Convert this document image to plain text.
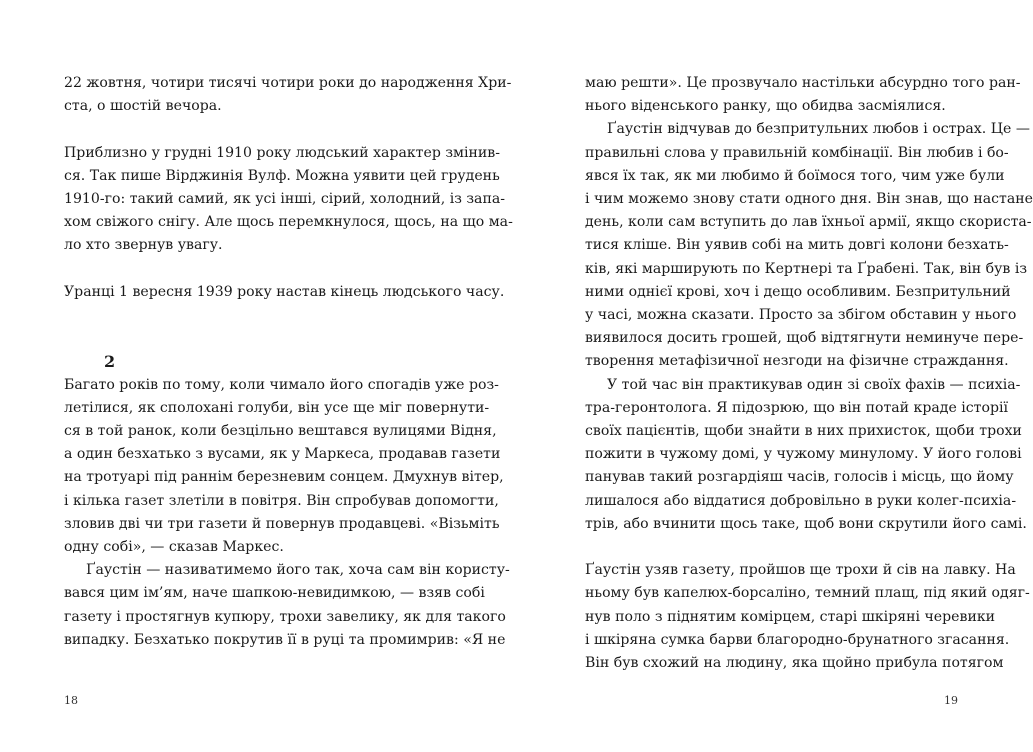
22 жовтня, чотири тисячі чотири роки до народження Хри-

ста, о шостій вечора.

Приблизно у грудні 1910 року людський характер змінив-

ся. Так пише Вірджинія Вулф. Можна уявити цей грудень

1910-го: такий самий, як усі інші, сірий, холодний, із запа-

хом свіжого снігу. Але щось перемкнулося, щось, на що ма-

ло хто звернув увагу.

Уранці 1 вересня 1939 року настав кінець людського часу.

2

Багато років по тому, коли чимало його спогадів уже роз-

летілися, як сполохані голуби, він усе ще міг повернути-

ся в той ранок, коли безцільно вештався вулицями Відня,

а один безхатько з вусами, як у Маркеса, продавав газети

на тротуарі під раннім березневим сонцем. Дмухнув вітер,

і кілька газет злетіли в повітря. Він спробував допомогти,

зловив дві чи три газети й повернув продавцеві. «Візьміть

одну собі», — сказав Маркес.

Ґаустін — називатимемо його так, хоча сам він користу-

вався цим ім’ям, наче шапкою-невидимкою, — взяв собі

газету і простягнув купюру, трохи завелику, як для такого

випадку. Безхатько покрутив її в руці та промимрив: «Я не

18

маю решти». Це прозвучало настільки абсурдно того ран-

нього віденського ранку, що обидва засміялися.

Ґаустін відчував до безпритульних любов і острах. Це —

правильні слова у правильній комбінації. Він любив і бо-

явся їх так, як ми любимо й боїмося того, чим уже були

і чим можемо знову стати одного дня. Він знав, що настане

день, коли сам вступить до лав їхньої армії, якщо скориста-

тися кліше. Він уявив собі на мить довгі колони безхать-

ків, які марширують по Кертнері та Ґрабені. Так, він був із

ними однієї крові, хоч і дещо особливим. Безпритульний

у часі, можна сказати. Просто за збігом обставин у нього

виявилося досить грошей, щоб відтягнути неминуче пере-

творення метафізичної незгоди на фізичне страждання.

У той час він практикував один зі своїх фахів — психіа-

тра-геронтолога. Я підозрюю, що він потай краде історії

своїх пацієнтів, щоби знайти в них прихисток, щоби трохи

пожити в чужому домі, у чужому минулому. У його голові

панував такий розгардіяш часів, голосів і місць, що йому

лишалося або віддатися добровільно в руки колег-психіа-

трів, або вчинити щось таке, щоб вони скрутили його самі.

Ґаустін узяв газету, пройшов ще трохи й сів на лавку. На

ньому був капелюх-борсаліно, темний плащ, під який одяг-

нув поло з піднятим комірцем, старі шкіряні черевики

і шкіряна сумка барви благородно-брунатного згасання.

Він був схожий на людину, яка щойно прибула потягом

19
